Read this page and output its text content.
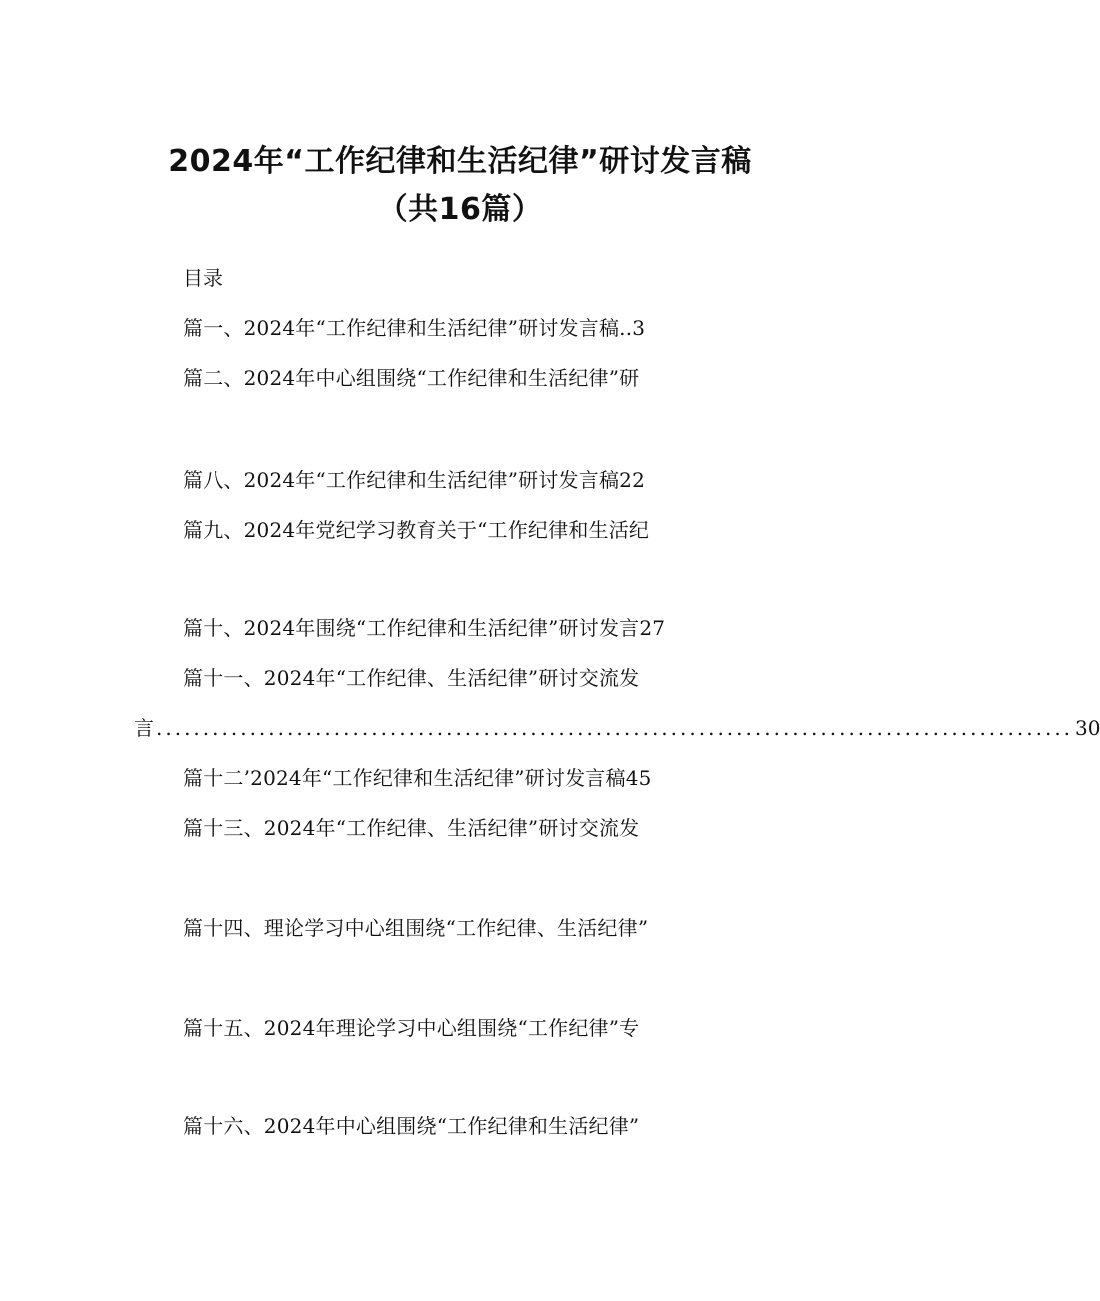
2024年“工作纪律和生活纪律”研讨发言稿
（共16篇）
目录
篇一、2024年“工作纪律和生活纪律”研讨发言稿..3
篇二、2024年中心组围绕“工作纪律和生活纪律”研
篇八、2024年“工作纪律和生活纪律”研讨发言稿22
篇九、2024年党纪学习教育关于“工作纪律和生活纪
篇十、2024年围绕“工作纪律和生活纪律”研讨发言27
篇十一、2024年“工作纪律、生活纪律”研讨交流发
言 .................................................................................................. 30
篇十二’2024年“工作纪律和生活纪律”研讨发言稿45
篇十三、2024年“工作纪律、生活纪律”研讨交流发
篇十四、理论学习中心组围绕“工作纪律、生活纪律”
篇十五、2024年理论学习中心组围绕“工作纪律”专
篇十六、2024年中心组围绕“工作纪律和生活纪律”
